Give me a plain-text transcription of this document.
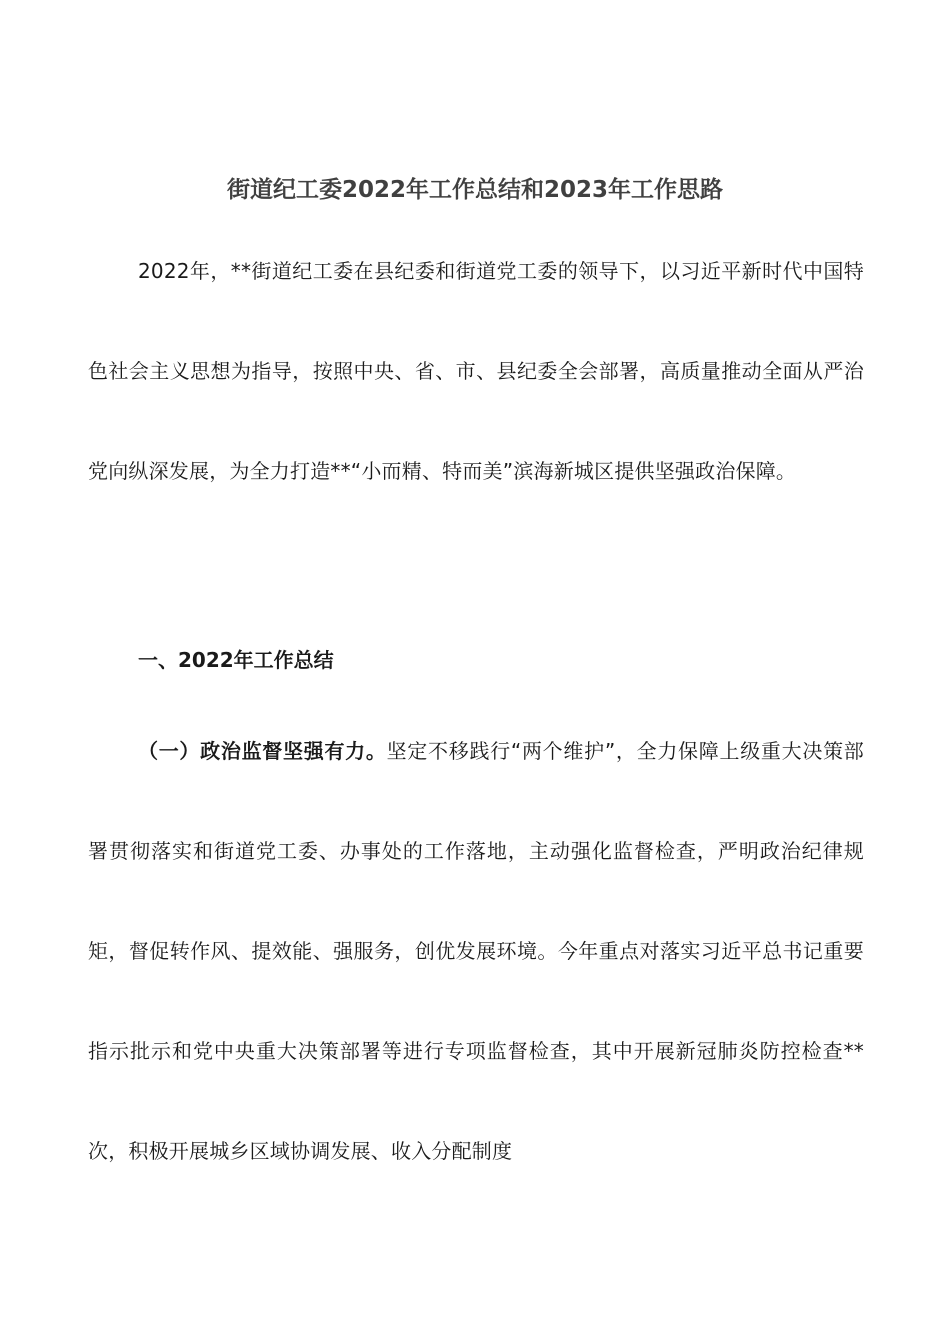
街道纪工委2022年工作总结和2023年工作思路

2022年，**街道纪工委在县纪委和街道党工委的领导下，以习近平新时代中国特色社会主义思想为指导，按照中央、省、市、县纪委全会部署，高质量推动全面从严治党向纵深发展，为全力打造**“小而精、特而美”滨海新城区提供坚强政治保障。

一、2022年工作总结

（一）政治监督坚强有力。坚定不移践行“两个维护”，全力保障上级重大决策部署贯彻落实和街道党工委、办事处的工作落地，主动强化监督检查，严明政治纪律规矩，督促转作风、提效能、强服务，创优发展环境。今年重点对落实习近平总书记重要指示批示和党中央重大决策部署等进行专项监督检查，其中开展新冠肺炎防控检查**次，积极开展城乡区域协调发展、收入分配制度
